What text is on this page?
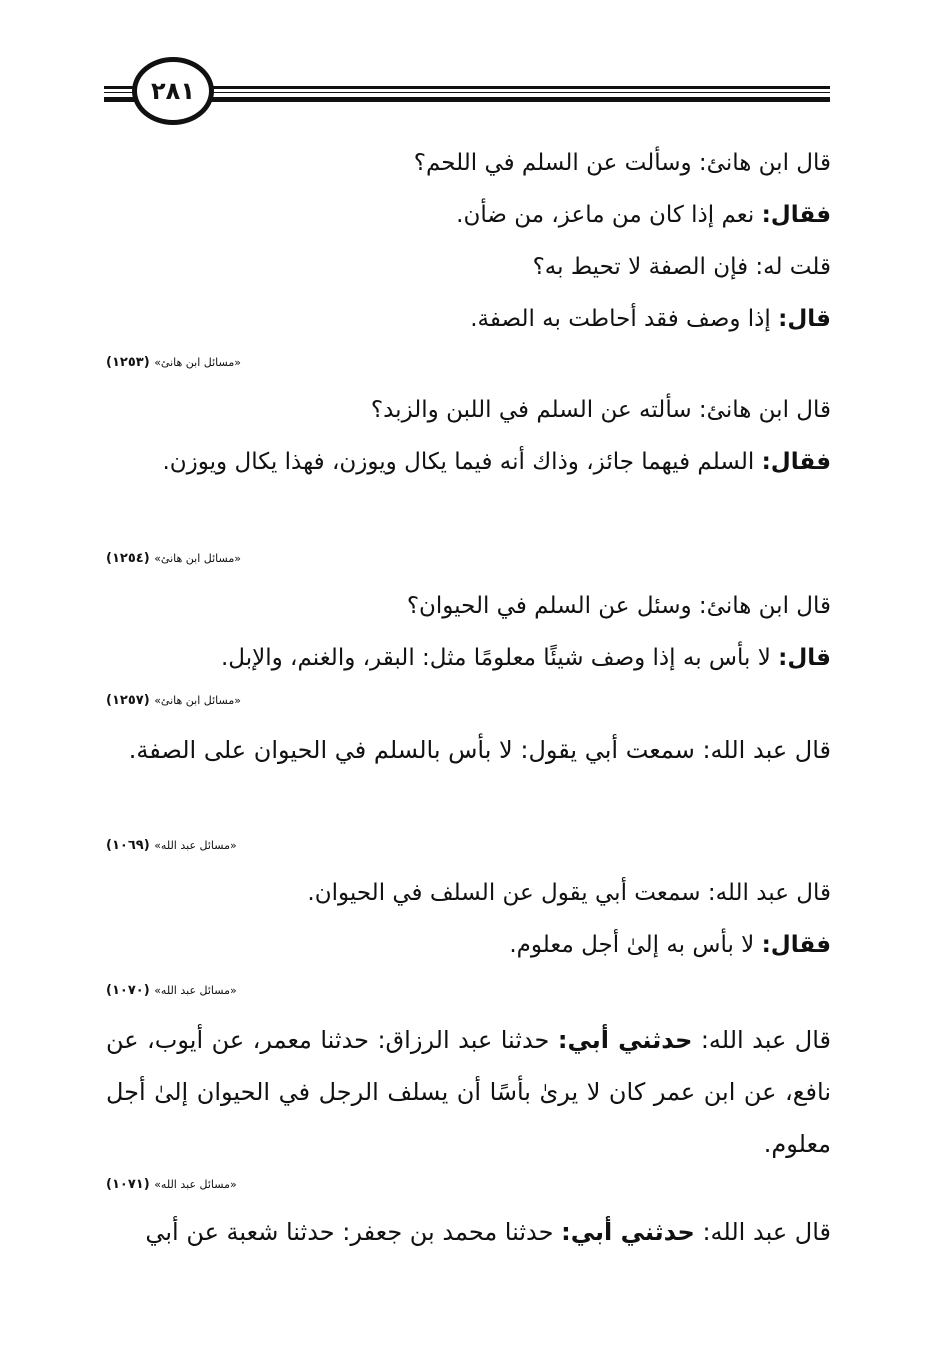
٢٨١
قال ابن هانئ: وسألت عن السلم في اللحم؟
فقال: نعم إذا كان من ماعز، من ضأن.
قلت له: فإن الصفة لا تحيط به؟
قال: إذا وصف فقد أحاطت به الصفة.
«مسائل ابن هانئ» (١٢٥٣)
قال ابن هانئ: سألته عن السلم في اللبن والزبد؟
فقال: السلم فيهما جائز، وذاك أنه فيما يكال ويوزن، فهذا يكال ويوزن.
«مسائل ابن هانئ» (١٢٥٤)
قال ابن هانئ: وسئل عن السلم في الحيوان؟
قال: لا بأس به إذا وصف شيئًا معلومًا مثل: البقر، والغنم، والإبل.
«مسائل ابن هانئ» (١٢٥٧)
قال عبد الله: سمعت أبي يقول: لا بأس بالسلم في الحيوان على الصفة.
«مسائل عبد الله» (١٠٦٩)
قال عبد الله: سمعت أبي يقول عن السلف في الحيوان.
فقال: لا بأس به إلىٰ أجل معلوم.
«مسائل عبد الله» (١٠٧٠)
قال عبد الله: حدثني أبي: حدثنا عبد الرزاق: حدثنا معمر، عن أيوب، عن نافع، عن ابن عمر كان لا يرىٰ بأسًا أن يسلف الرجل في الحيوان إلىٰ أجل معلوم.
«مسائل عبد الله» (١٠٧١)
قال عبد الله: حدثني أبي: حدثنا محمد بن جعفر: حدثنا شعبة عن أبي
